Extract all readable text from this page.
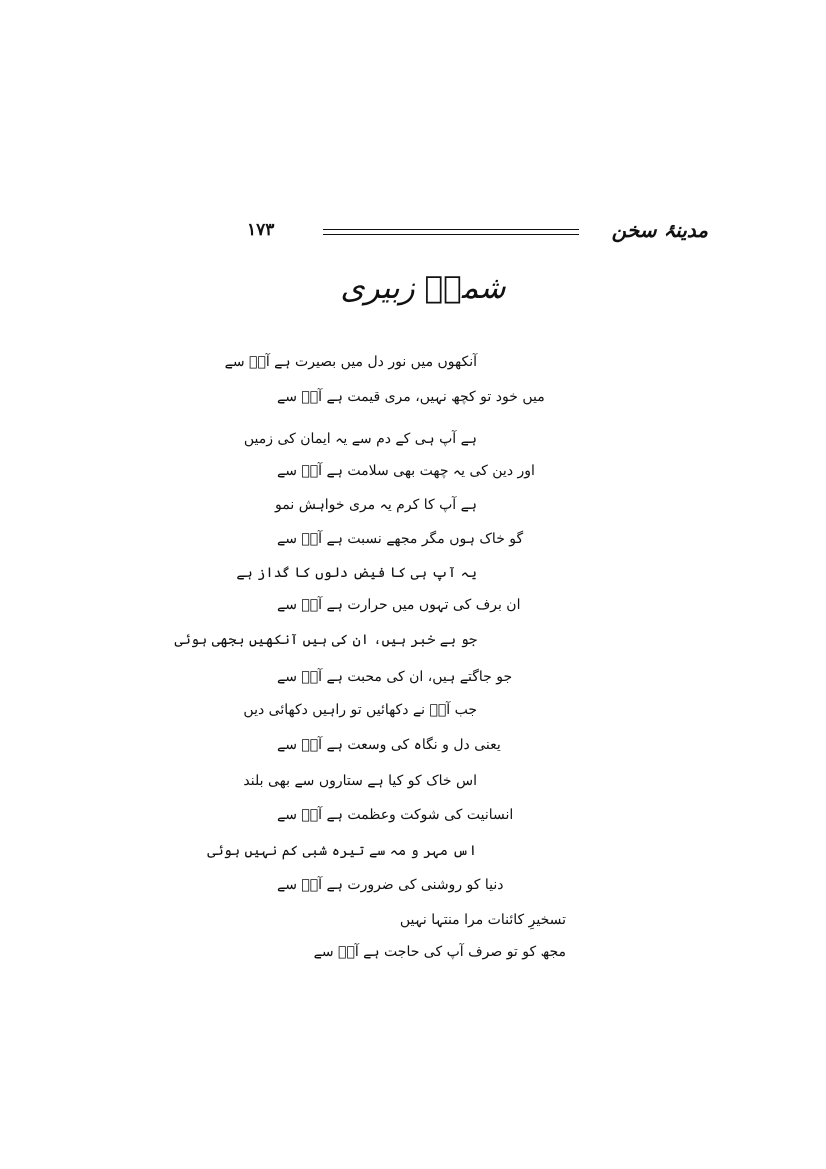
مدینۂ سخن
۱۷۳
شمسؔ زبیری
آنکھوں میں نور دل میں بصیرت ہے آپؐ سے
میں خود تو کچھ نہیں، مری قیمت ہے آپؐ سے
ہے آپ ہی کے دم سے یہ ایمان کی زمیں
اور دین کی یہ چھت بھی سلامت ہے آپؐ سے
ہے آپ کا کرم یہ مری خواہش نمو
گو خاک ہوں مگر مجھے نسبت ہے آپؐ سے
یہ آپ ہی کا فیض دلوں کا گداز ہے
ان برف کی تہوں میں حرارت ہے آپؐ سے
جو بے خبر ہیں، ان کی ہیں آنکھیں بجھی ہوئی
جو جاگتے ہیں، ان کی محبت ہے آپؐ سے
جب آپؐ نے دکھائیں تو راہیں دکھائی دیں
یعنی دل و نگاہ کی وسعت ہے آپؐ سے
اس خاک کو کیا ہے ستاروں سے بھی بلند
انسانیت کی شوکت وعظمت ہے آپؐ سے
اس مہر و مہ سے تیرہ شبی کم نہیں ہوئی
دنیا کو روشنی کی ضرورت ہے آپؐ سے
تسخیرِ کائنات مرا منتہا نہیں
مجھ کو تو صرف آپ کی حاجت ہے آپؐ سے
